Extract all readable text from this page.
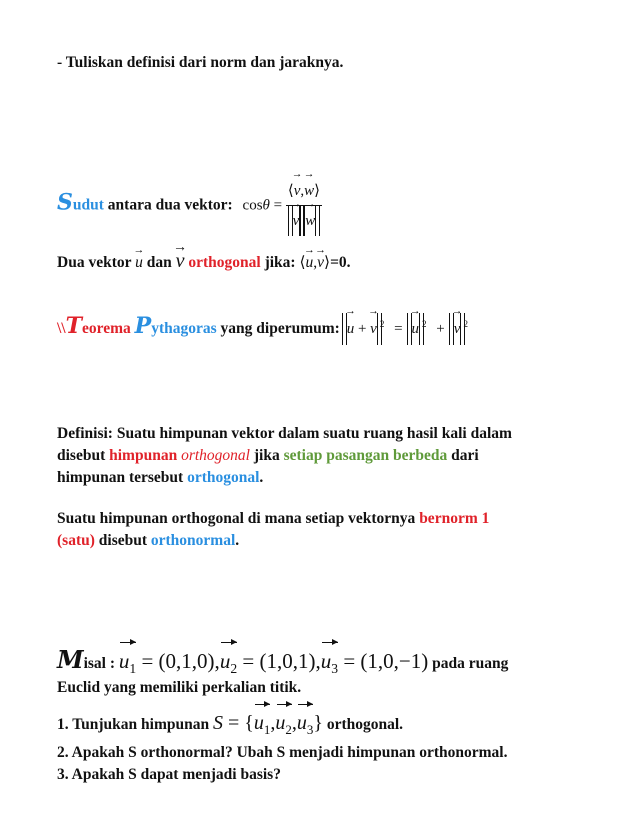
- Tuliskan definisi dari norm dan jaraknya.
Sudut antara dua vektor: cosθ = ⟨→ v,→ w⟩
→ v → w
Dua vektor → u dan → v orthogonal jika: ⟨→ u,→ v⟩=0.
\\Teorema Pythagoras yang diperumum: → u + → v $^2$ = → u $^2$ + → v $^2$
Definisi: Suatu himpunan vektor dalam suatu ruang hasil kali dalam
disebut himpunan orthogonal jika setiap pasangan berbeda dari
himpunan tersebut orthogonal.
Suatu himpunan orthogonal di mana setiap vektornya bernorm 1
(satu) disebut orthonormal.
Misal : $u_1 = (0,1,0),u_2 = (1,0,1),u_3 = (1,0,-1)$ pada ruang
Euclid yang memiliki perkalian titik.
1. Tunjukan himpunan $S = \{u_1,u_2,u_3\}$ orthogonal.
2. Apakah S orthonormal? Ubah S menjadi himpunan orthonormal.
3. Apakah S dapat menjadi basis?
